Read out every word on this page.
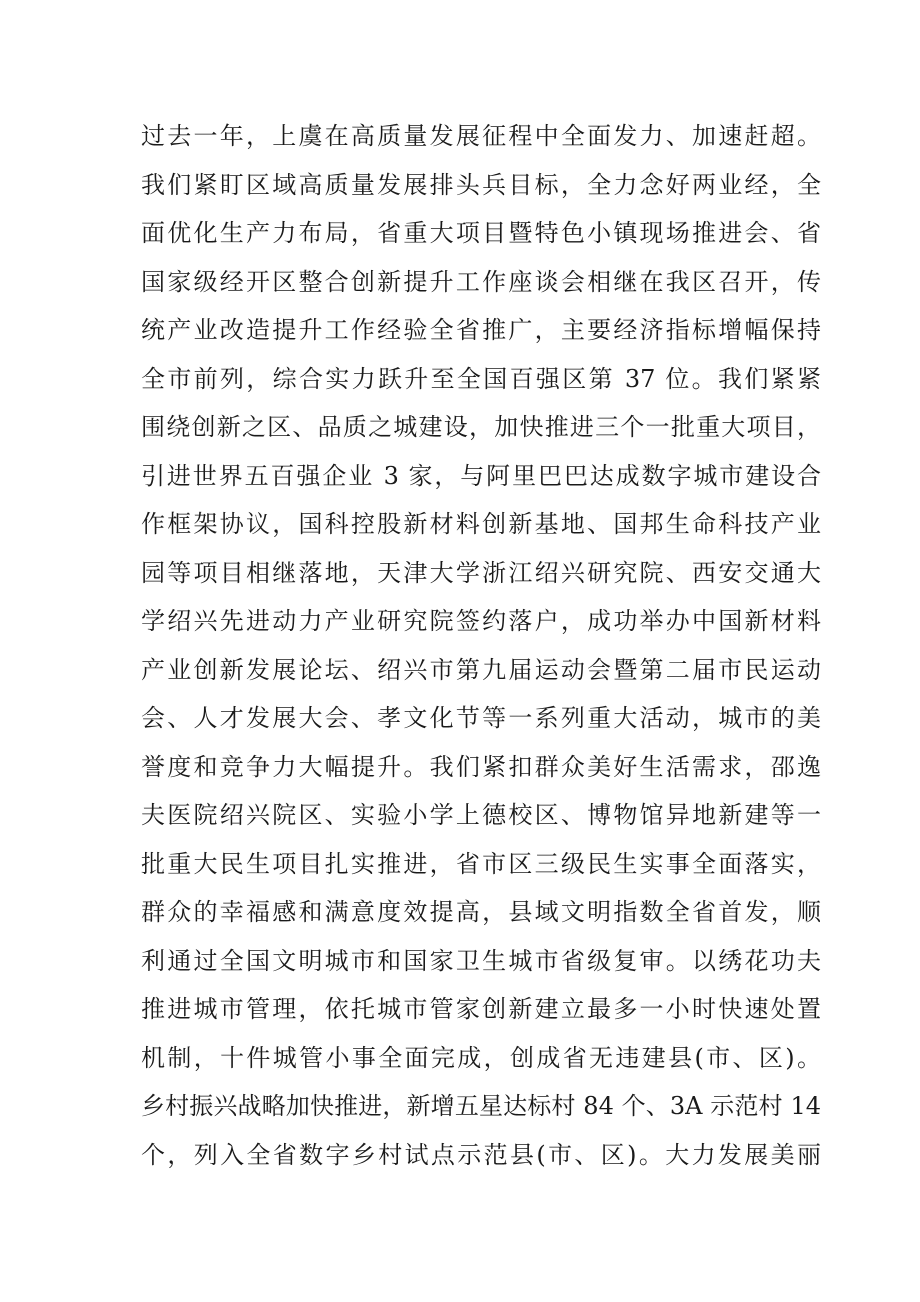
过去一年，上虞在高质量发展征程中全面发力、加速赶超。
我们紧盯区域高质量发展排头兵目标，全力念好两业经，全
面优化生产力布局，省重大项目暨特色小镇现场推进会、省
国家级经开区整合创新提升工作座谈会相继在我区召开，传
统产业改造提升工作经验全省推广，主要经济指标增幅保持
全市前列，综合实力跃升至全国百强区第 37 位。我们紧紧
围绕创新之区、品质之城建设，加快推进三个一批重大项目，
引进世界五百强企业 3 家，与阿里巴巴达成数字城市建设合
作框架协议，国科控股新材料创新基地、国邦生命科技产业
园等项目相继落地，天津大学浙江绍兴研究院、西安交通大
学绍兴先进动力产业研究院签约落户，成功举办中国新材料
产业创新发展论坛、绍兴市第九届运动会暨第二届市民运动
会、人才发展大会、孝文化节等一系列重大活动，城市的美
誉度和竞争力大幅提升。我们紧扣群众美好生活需求，邵逸
夫医院绍兴院区、实验小学上德校区、博物馆异地新建等一
批重大民生项目扎实推进，省市区三级民生实事全面落实，
群众的幸福感和满意度效提高，县域文明指数全省首发，顺
利通过全国文明城市和国家卫生城市省级复审。以绣花功夫
推进城市管理，依托城市管家创新建立最多一小时快速处置
机制，十件城管小事全面完成，创成省无违建县(市、区)。
乡村振兴战略加快推进，新增五星达标村 84 个、3A 示范村 14
个，列入全省数字乡村试点示范县(市、区)。大力发展美丽
